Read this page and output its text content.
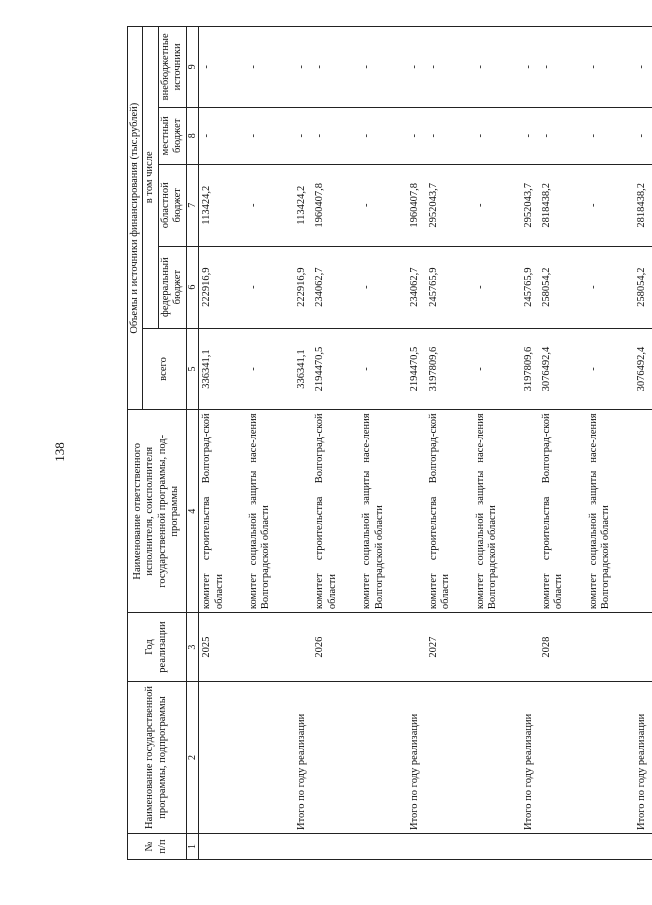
138
№ п/п	Наименование государственной программы, подпрограммы	Год реализации	Наименование ответственного исполнителя, соисполнителя государственной программы, под-программы	Объемы и источники финансирования (тыс.рублей)				
				всего	в том числе			
					федеральный бюджет	областной бюджет	местный бюджет	внебюджетные источники
1	2	3	4	5	6	7	8	9
		2025	комитет строительства Волгоград-ской области	336341,1	222916,9	113424,2	-	-
			комитет социальной защиты насе-ления Волгоградской области	-	-	-	-	-
	Итого по году реализации			336341,1	222916,9	113424,2	-	-
		2026	комитет строительства Волгоград-ской области	2194470,5	234062,7	1960407,8	-	-
			комитет социальной защиты насе-ления Волгоградской области	-	-	-	-	-
	Итого по году реализации			2194470,5	234062,7	1960407,8	-	-
		2027	комитет строительства Волгоград-ской области	3197809,6	245765,9	2952043,7	-	-
			комитет социальной защиты насе-ления Волгоградской области	-	-	-	-	-
	Итого по году реализации			3197809,6	245765,9	2952043,7	-	-
		2028	комитет строительства Волгоград-ской области	3076492,4	258054,2	2818438,2	-	-
			комитет социальной защиты насе-ления Волгоградской области	-	-	-	-	-
	Итого по году реализации			3076492,4	258054,2	2818438,2	-	-
